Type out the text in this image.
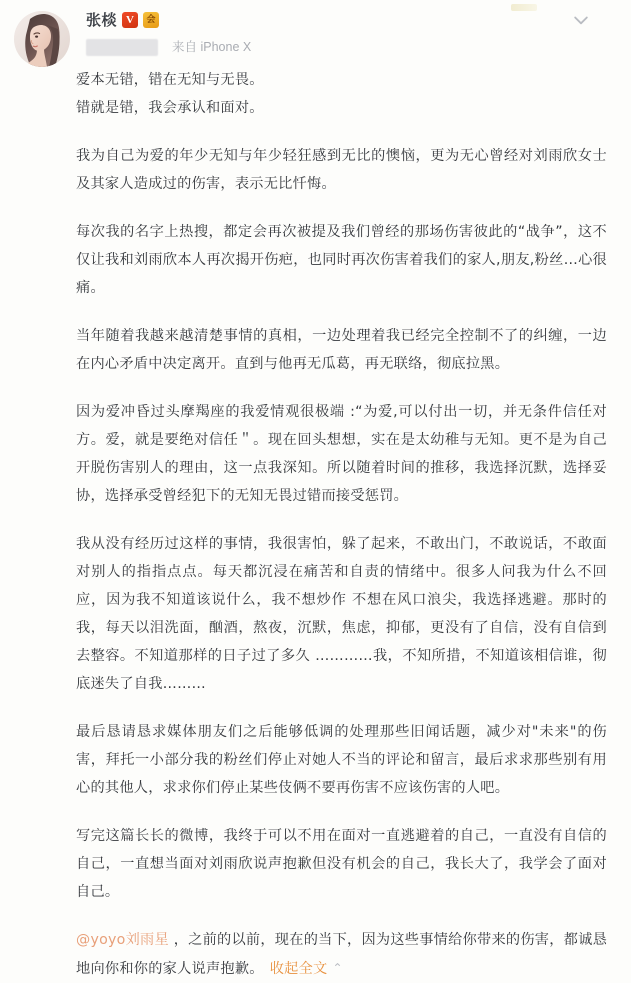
张棪 V	会
来自 iPhone X

爱本无错，错在无知与无畏。

错就是错，我会承认和面对。

我为自己为爱的年少无知与年少轻狂感到无比的懊恼，更为无心曾经对刘雨欣女士及其家人造成过的伤害，表示无比忏悔。

每次我的名字上热搜，都定会再次被提及我们曾经的那场伤害彼此的“战争”，这不仅让我和刘雨欣本人再次揭开伤疤，也同时再次伤害着我们的家人,朋友,粉丝…心很痛。

当年随着我越来越清楚事情的真相，一边处理着我已经完全控制不了的纠缠，一边在内心矛盾中决定离开。直到与他再无瓜葛，再无联络，彻底拉黑。

因为爱冲昏过头摩羯座的我爱情观很极端 :“为爱,可以付出一切，并无条件信任对方。爱，就是要绝对信任＂。现在回头想想，实在是太幼稚与无知。更不是为自己开脱伤害别人的理由，这一点我深知。所以随着时间的推移，我选择沉默，选择妥协，选择承受曾经犯下的无知无畏过错而接受惩罚。

我从没有经历过这样的事情，我很害怕，躲了起来，不敢出门，不敢说话，不敢面对别人的指指点点。每天都沉浸在痛苦和自责的情绪中。很多人问我为什么不回应，因为我不知道该说什么，我不想炒作 不想在风口浪尖，我选择逃避。那时的我，每天以泪洗面，酗酒，熬夜，沉默，焦虑，抑郁，更没有了自信，没有自信到去整容。不知道那样的日子过了多久 …………我，不知所措，不知道该相信谁，彻底迷失了自我………

最后恳请恳求媒体朋友们之后能够低调的处理那些旧闻话题，减少对"未来"的伤害，拜托一小部分我的粉丝们停止对她人不当的评论和留言，最后求求那些别有用心的其他人，求求你们停止某些伎俩不要再伤害不应该伤害的人吧。

写完这篇长长的微博，我终于可以不用在面对一直逃避着的自己，一直没有自信的自己，一直想当面对刘雨欣说声抱歉但没有机会的自己，我长大了，我学会了面对自己。

@yoyo刘雨星 ，之前的以前，现在的当下，因为这些事情给你带来的伤害，都诚恳地向你和你的家人说声抱歉。 收起全文 ⌃
